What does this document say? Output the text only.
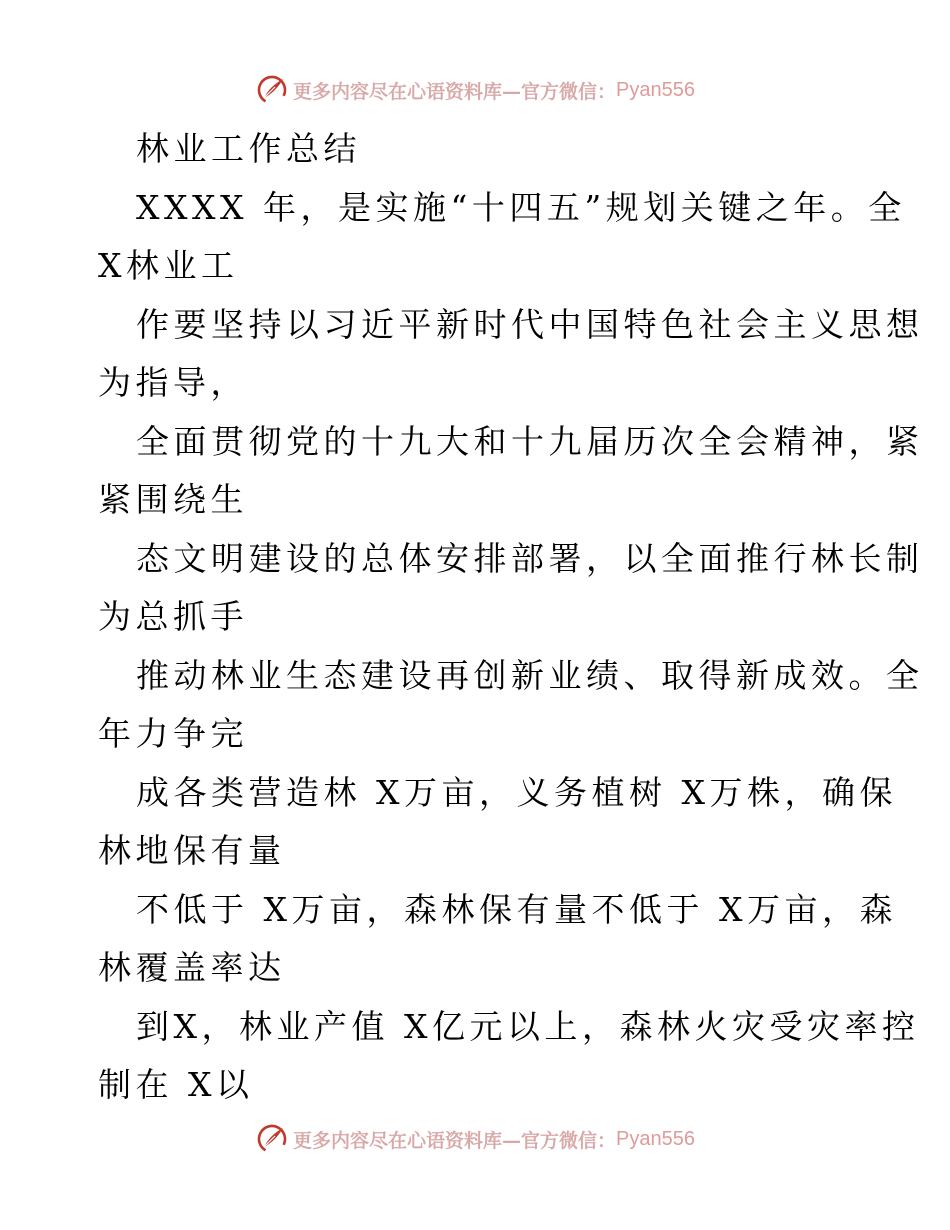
更多内容尽在心语资料库—官方微信： Pyan556
林业工作总结
XXXX 年，是实施“十四五”规划关键之年。全
X林业工
作要坚持以习近平新时代中国特色社会主义思想
为指导，
全面贯彻党的十九大和十九届历次全会精神，紧
紧围绕生
态文明建设的总体安排部署，以全面推行林长制
为总抓手
推动林业生态建设再创新业绩、取得新成效。全
年力争完
成各类营造林 X万亩，义务植树 X万株，确保
林地保有量
不低于 X万亩，森林保有量不低于 X万亩，森
林覆盖率达
到X，林业产值 X亿元以上，森林火灾受灾率控
制在 X以
更多内容尽在心语资料库—官方微信： Pyan556
